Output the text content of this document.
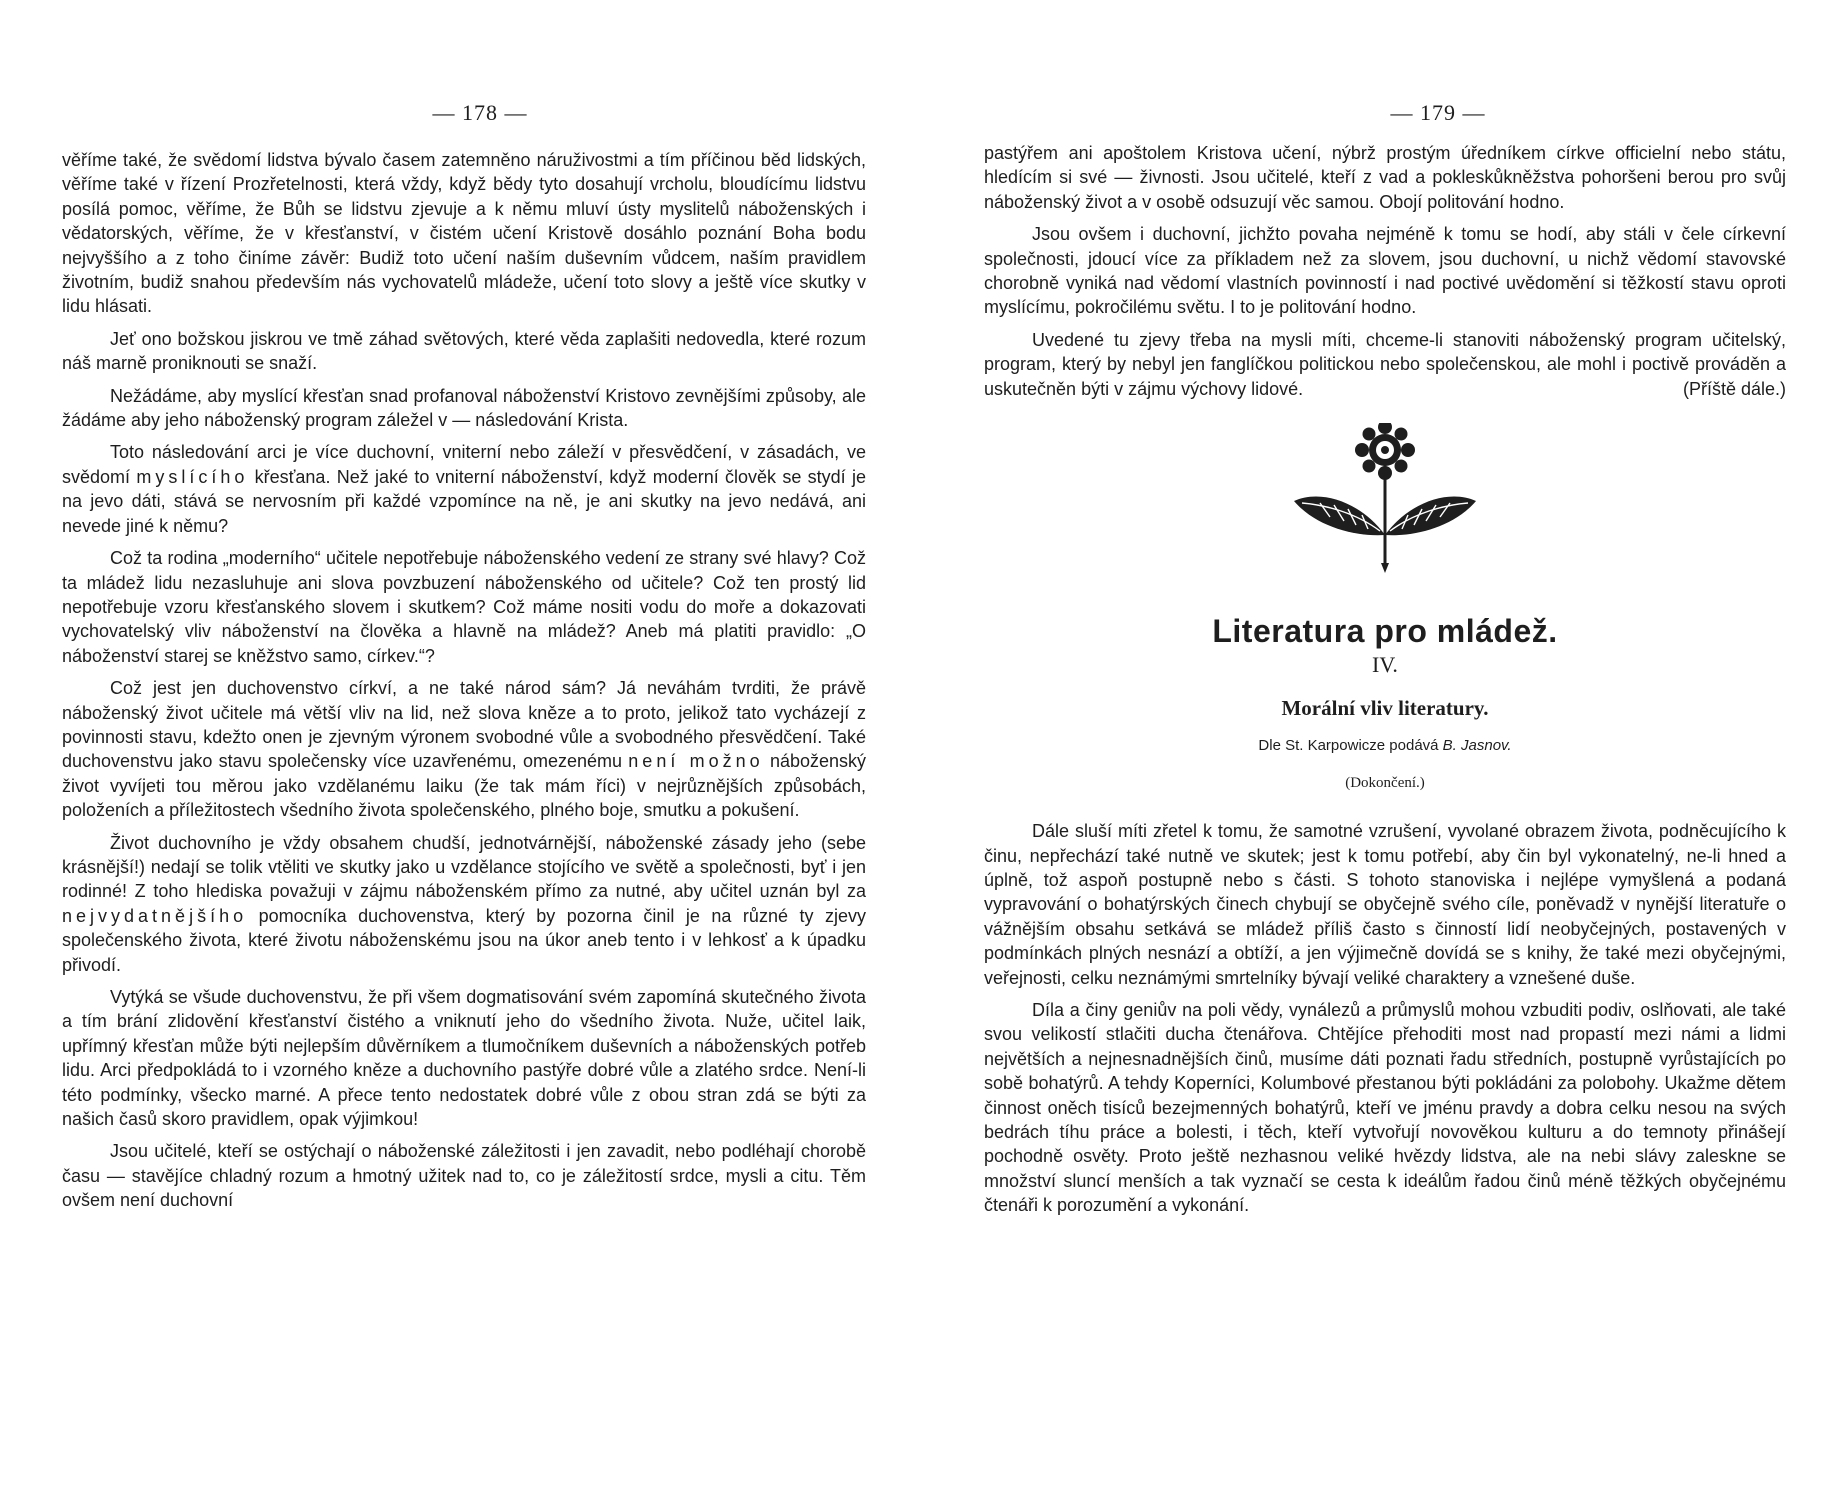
— 178 —

věříme také, že svědomí lidstva bývalo časem zatemněno náruživostmi a tím příčinou běd lidských, věříme také v řízení Prozřetelnosti, která vždy, když bědy tyto dosahují vrcholu, bloudícímu lidstvu posílá pomoc, věříme, že Bůh se lidstvu zjevuje a k němu mluví ústy myslitelů náboženských i vědatorských, věříme, že v křesťanství, v čistém učení Kristově dosáhlo poznání Boha bodu nejvyššího a z toho činíme závěr: Budiž toto učení naším duševním vůdcem, naším pravidlem životním, budiž snahou především nás vychovatelů mládeže, učení toto slovy a ještě více skutky v lidu hlásati.

Jeť ono božskou jiskrou ve tmě záhad světových, které věda zaplašiti nedovedla, které rozum náš marně proniknouti se snaží.

Nežádáme, aby myslící křesťan snad profanoval náboženství Kristovo zevnějšími způsoby, ale žádáme aby jeho náboženský program záležel v — následování Krista.

Toto následování arci je více duchovní, vniterní nebo záleží v přesvědčení, v zásadách, ve svědomí myslícího křesťana. Než jaké to vniterní náboženství, když moderní člověk se stydí je na jevo dáti, stává se nervosním při každé vzpomínce na ně, je ani skutky na jevo nedává, ani nevede jiné k němu?

Což ta rodina „moderního“ učitele nepotřebuje náboženského vedení ze strany své hlavy? Což ta mládež lidu nezasluhuje ani slova povzbuzení náboženského od učitele? Což ten prostý lid nepotřebuje vzoru křesťanského slovem i skutkem? Což máme nositi vodu do moře a dokazovati vychovatelský vliv náboženství na člověka a hlavně na mládež? Aneb má platiti pravidlo: „O náboženství starej se kněžstvo samo, církev.“?

Což jest jen duchovenstvo církví, a ne také národ sám? Já neváhám tvrditi, že právě náboženský život učitele má větší vliv na lid, než slova kněze a to proto, jelikož tato vycházejí z povinnosti stavu, kdežto onen je zjevným výronem svobodné vůle a svobodného přesvědčení. Také duchovenstvu jako stavu společensky více uzavřenému, omezenému není možno náboženský život vyvíjeti tou měrou jako vzdělanému laiku (že tak mám říci) v nejrůznějších způsobách, položeních a příležitostech všedního života společenského, plného boje, smutku a pokušení.

Život duchovního je vždy obsahem chudší, jednotvárnější, náboženské zásady jeho (sebe krásnější!) nedají se tolik vtěliti ve skutky jako u vzdělance stojícího ve světě a společnosti, byť i jen rodinné! Z toho hlediska považuji v zájmu náboženském přímo za nutné, aby učitel uznán byl za nejvydatnějšího pomocníka duchovenstva, který by pozorna činil je na různé ty zjevy společenského života, které životu náboženskému jsou na úkor aneb tento i v lehkosť a k úpadku přivodí.

Vytýká se všude duchovenstvu, že při všem dogmatisování svém zapomíná skutečného života a tím brání zlidovění křesťanství čistého a vniknutí jeho do všedního života. Nuže, učitel laik, upřímný křesťan může býti nejlepším důvěrníkem a tlumočníkem duševních a náboženských potřeb lidu. Arci předpokládá to i vzorného kněze a duchovního pastýře dobré vůle a zlatého srdce. Není-li této podmínky, všecko marné. A přece tento nedostatek dobré vůle z obou stran zdá se býti za našich časů skoro pravidlem, opak výjimkou!

Jsou učitelé, kteří se ostýchají o náboženské záležitosti i jen zavadit, nebo podléhají chorobě času — stavějíce chladný rozum a hmotný užitek nad to, co je záležitostí srdce, mysli a citu. Těm ovšem není duchovní

— 179 —

pastýřem ani apoštolem Kristova učení, nýbrž prostým úředníkem církve officielní nebo státu, hledícím si své — živnosti. Jsou učitelé, kteří z vad a pokleskůkněžstva pohoršeni berou pro svůj náboženský život a v osobě odsuzují věc samou. Obojí politování hodno.

Jsou ovšem i duchovní, jichžto povaha nejméně k tomu se hodí, aby stáli v čele církevní společnosti, jdoucí více za příkladem než za slovem, jsou duchovní, u nichž vědomí stavovské chorobně vyniká nad vědomí vlastních povinností i nad poctivé uvědomění si těžkostí stavu oproti myslícímu, pokročilému světu. I to je politování hodno.

Uvedené tu zjevy třeba na mysli míti, chceme-li stanoviti náboženský program učitelský, program, který by nebyl jen fanglíčkou politickou nebo společenskou, ale mohl i poctivě prováděn a uskutečněn býti v zájmu výchovy lidové.	(Příště dále.)

Literatura pro mládež.
IV.
Morální vliv literatury.
Dle St. Karpowicze podává B. Jasnov.
(Dokončení.)

Dále sluší míti zřetel k tomu, že samotné vzrušení, vyvolané obrazem života, podněcujícího k činu, nepřechází také nutně ve skutek; jest k tomu potřebí, aby čin byl vykonatelný, ne-li hned a úplně, tož aspoň postupně nebo s části. S tohoto stanoviska i nejlépe vymyšlená a podaná vypravování o bohatýrských činech chybují se obyčejně svého cíle, poněvadž v nynější literatuře o vážnějším obsahu setkává se mládež příliš často s činností lidí neobyčejných, postavených v podmínkách plných nesnází a obtíží, a jen výjimečně dovídá se s knihy, že také mezi obyčejnými, veřejnosti, celku neznámými smrtelníky bývají veliké charaktery a vznešené duše.

Díla a činy geniův na poli vědy, vynálezů a průmyslů mohou vzbuditi podiv, oslňovati, ale také svou velikostí stlačiti ducha čtenářova. Chtějíce přehoditi most nad propastí mezi námi a lidmi největších a nejnesnadnějších činů, musíme dáti poznati řadu středních, postupně vyrůstajících po sobě bohatýrů. A tehdy Koperníci, Kolumbové přestanou býti pokládáni za polobohy. Ukažme dětem činnost oněch tisíců bezejmenných bohatýrů, kteří ve jménu pravdy a dobra celku nesou na svých bedrách tíhu práce a bolesti, i těch, kteří vytvořují novověkou kulturu a do temnoty přinášejí pochodně osvěty. Proto ještě nezhasnou veliké hvězdy lidstva, ale na nebi slávy zaleskne se množství sluncí menších a tak vyznačí se cesta k ideálům řadou činů méně těžkých obyčejnému čtenáři k porozumění a vykonání.
